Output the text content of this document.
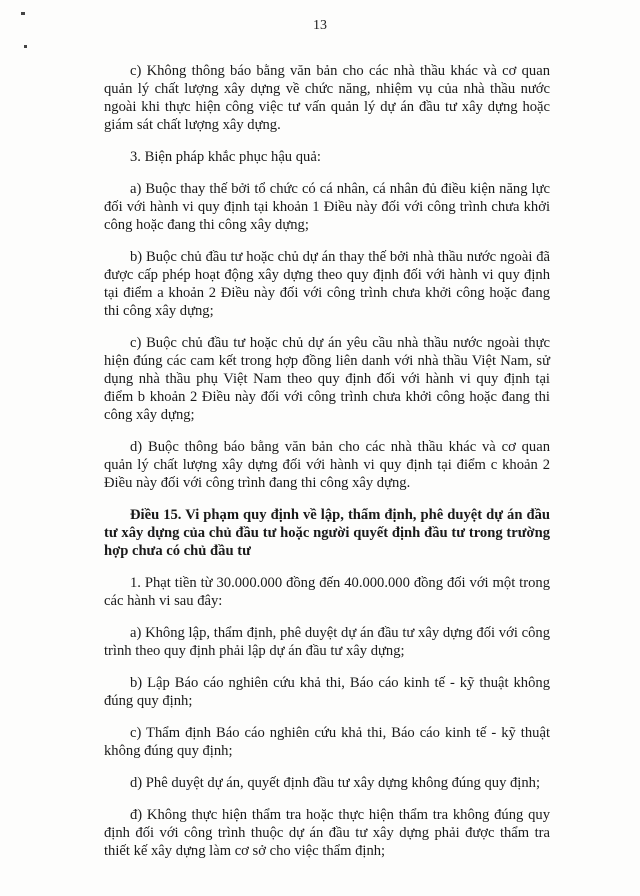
13

c) Không thông báo bằng văn bản cho các nhà thầu khác và cơ quan quản lý chất lượng xây dựng về chức năng, nhiệm vụ của nhà thầu nước ngoài khi thực hiện công việc tư vấn quản lý dự án đầu tư xây dựng hoặc giám sát chất lượng xây dựng.

3. Biện pháp khắc phục hậu quả:

a) Buộc thay thế bởi tổ chức có cá nhân, cá nhân đủ điều kiện năng lực đối với hành vi quy định tại khoản 1 Điều này đối với công trình chưa khởi công hoặc đang thi công xây dựng;

b) Buộc chủ đầu tư hoặc chủ dự án thay thế bởi nhà thầu nước ngoài đã được cấp phép hoạt động xây dựng theo quy định đối với hành vi quy định tại điểm a khoản 2 Điều này đối với công trình chưa khởi công hoặc đang thi công xây dựng;

c) Buộc chủ đầu tư hoặc chủ dự án yêu cầu nhà thầu nước ngoài thực hiện đúng các cam kết trong hợp đồng liên danh với nhà thầu Việt Nam, sử dụng nhà thầu phụ Việt Nam theo quy định đối với hành vi quy định tại điểm b khoản 2 Điều này đối với công trình chưa khởi công hoặc đang thi công xây dựng;

d) Buộc thông báo bằng văn bản cho các nhà thầu khác và cơ quan quản lý chất lượng xây dựng đối với hành vi quy định tại điểm c khoản 2 Điều này đối với công trình đang thi công xây dựng.

Điều 15. Vi phạm quy định về lập, thẩm định, phê duyệt dự án đầu tư xây dựng của chủ đầu tư hoặc người quyết định đầu tư trong trường hợp chưa có chủ đầu tư

1. Phạt tiền từ 30.000.000 đồng đến 40.000.000 đồng đối với một trong các hành vi sau đây:

a) Không lập, thẩm định, phê duyệt dự án đầu tư xây dựng đối với công trình theo quy định phải lập dự án đầu tư xây dựng;

b) Lập Báo cáo nghiên cứu khả thi, Báo cáo kinh tế - kỹ thuật không đúng quy định;

c) Thẩm định Báo cáo nghiên cứu khả thi, Báo cáo kinh tế - kỹ thuật không đúng quy định;

d) Phê duyệt dự án, quyết định đầu tư xây dựng không đúng quy định;

đ) Không thực hiện thẩm tra hoặc thực hiện thẩm tra không đúng quy định đối với công trình thuộc dự án đầu tư xây dựng phải được thẩm tra thiết kế xây dựng làm cơ sở cho việc thẩm định;
